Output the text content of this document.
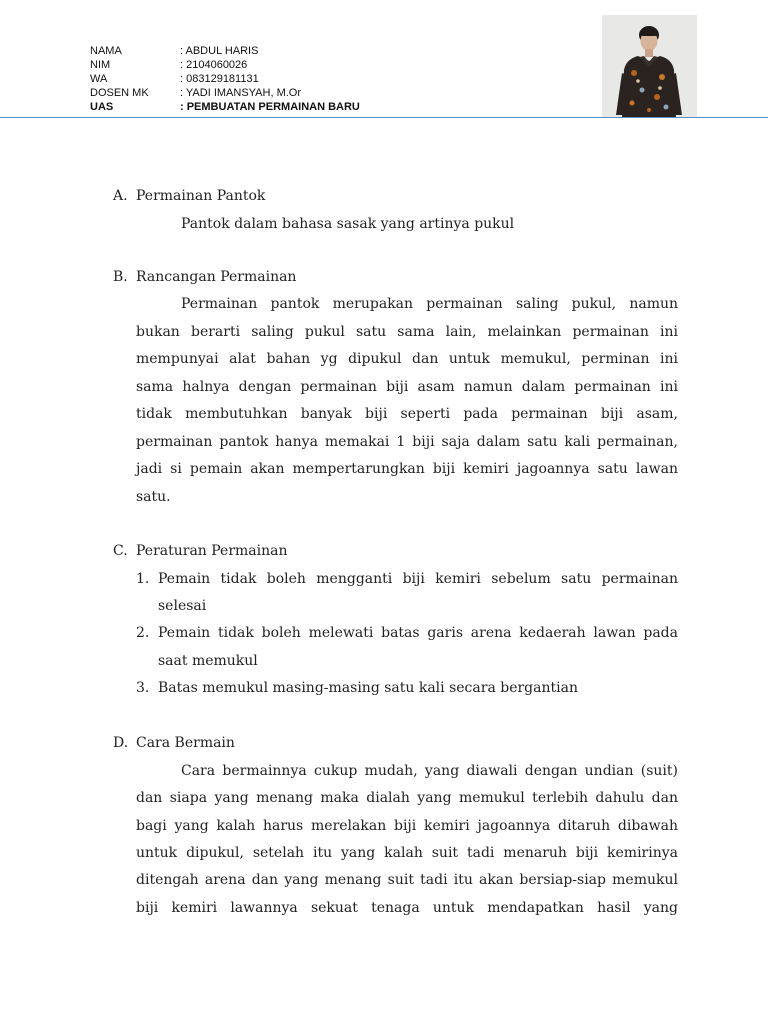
NAMA	: ABDUL HARIS
NIM	: 2104060026
WA	: 083129181131
DOSEN MK	: YADI IMANSYAH, M.Or
UAS	: PEMBUATAN PERMAINAN BARU
A. Permainan Pantok
Pantok dalam bahasa sasak yang artinya pukul
B. Rancangan Permainan
Permainan pantok merupakan permainan saling pukul, namun
bukan berarti saling pukul satu sama lain, melainkan permainan ini
mempunyai alat bahan yg dipukul dan untuk memukul, perminan ini
sama halnya dengan permainan biji asam namun dalam permainan ini
tidak membutuhkan banyak biji seperti pada permainan biji asam,
permainan pantok hanya memakai 1 biji saja dalam satu kali permainan,
jadi si pemain akan mempertarungkan biji kemiri jagoannya satu lawan
satu.
C. Peraturan Permainan
1. Pemain tidak boleh mengganti biji kemiri sebelum satu permainan
selesai
2. Pemain tidak boleh melewati batas garis arena kedaerah lawan pada
saat memukul
3. Batas memukul masing-masing satu kali secara bergantian
D. Cara Bermain
Cara bermainnya cukup mudah, yang diawali dengan undian (suit)
dan siapa yang menang maka dialah yang memukul terlebih dahulu dan
bagi yang kalah harus merelakan biji kemiri jagoannya ditaruh dibawah
untuk dipukul, setelah itu yang kalah suit tadi menaruh biji kemirinya
ditengah arena dan yang menang suit tadi itu akan bersiap-siap memukul
biji kemiri lawannya sekuat tenaga untuk mendapatkan hasil yang
